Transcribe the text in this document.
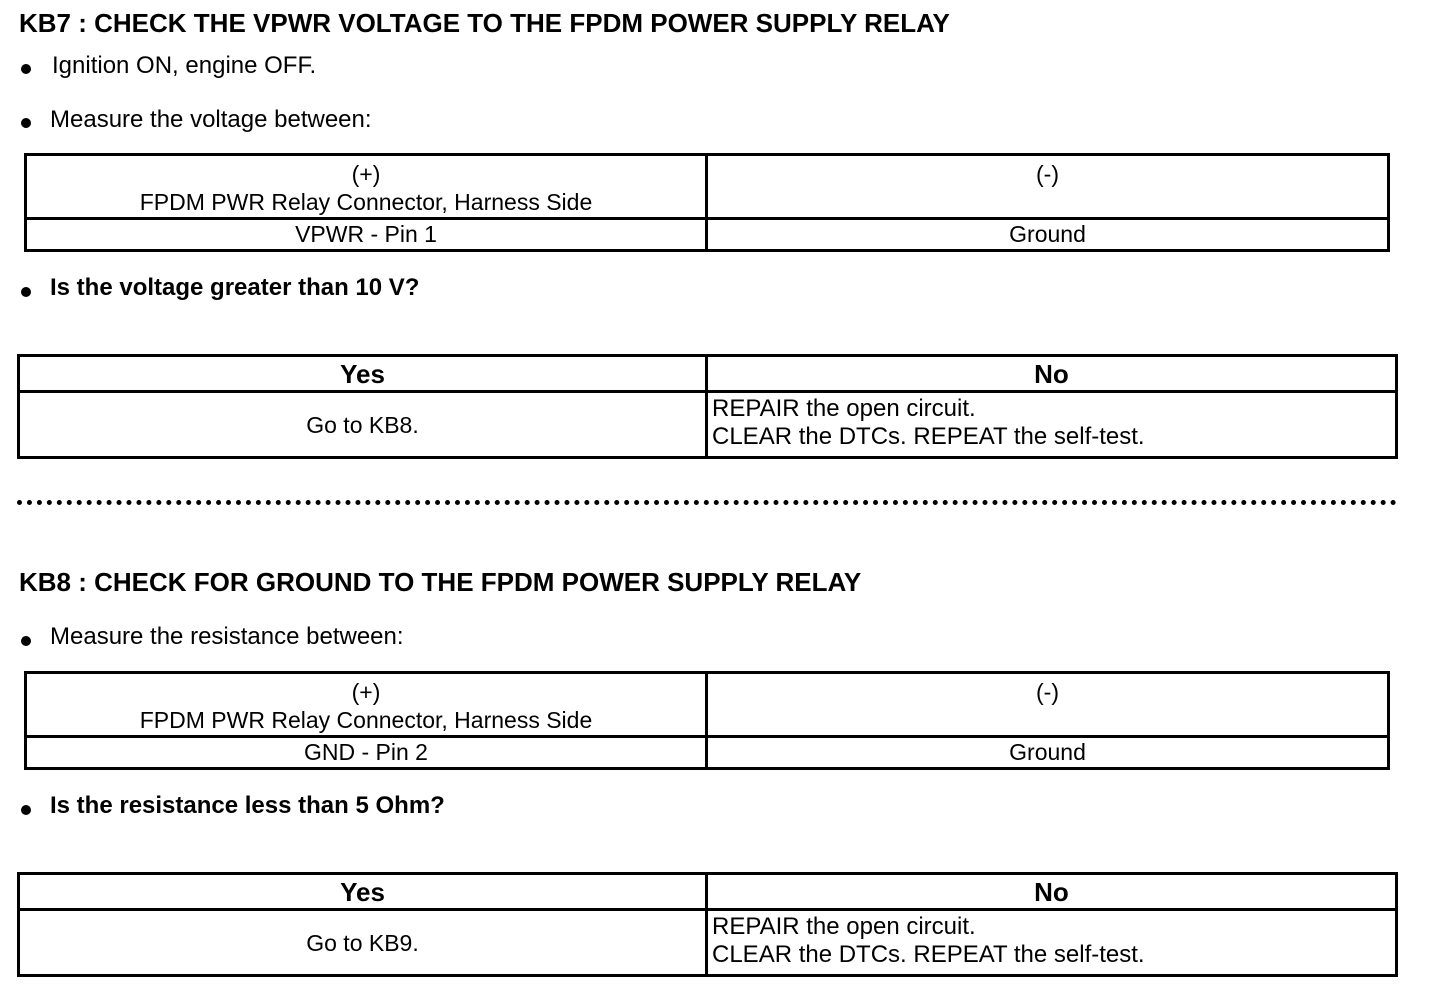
KB7 : CHECK THE VPWR VOLTAGE TO THE FPDM POWER SUPPLY RELAY
Ignition ON, engine OFF.
Measure the voltage between:
(+)
FPDM PWR Relay Connector, Harness Side	(-)

VPWR - Pin 1	Ground
Is the voltage greater than 10 V?
Yes	No
Go to KB8.	REPAIR the open circuit.
CLEAR the DTCs. REPEAT the self-test.
KB8 : CHECK FOR GROUND TO THE FPDM POWER SUPPLY RELAY
Measure the resistance between:
(+)
FPDM PWR Relay Connector, Harness Side	(-)

GND - Pin 2	Ground
Is the resistance less than 5 Ohm?
Yes	No
Go to KB9.	REPAIR the open circuit.
CLEAR the DTCs. REPEAT the self-test.
